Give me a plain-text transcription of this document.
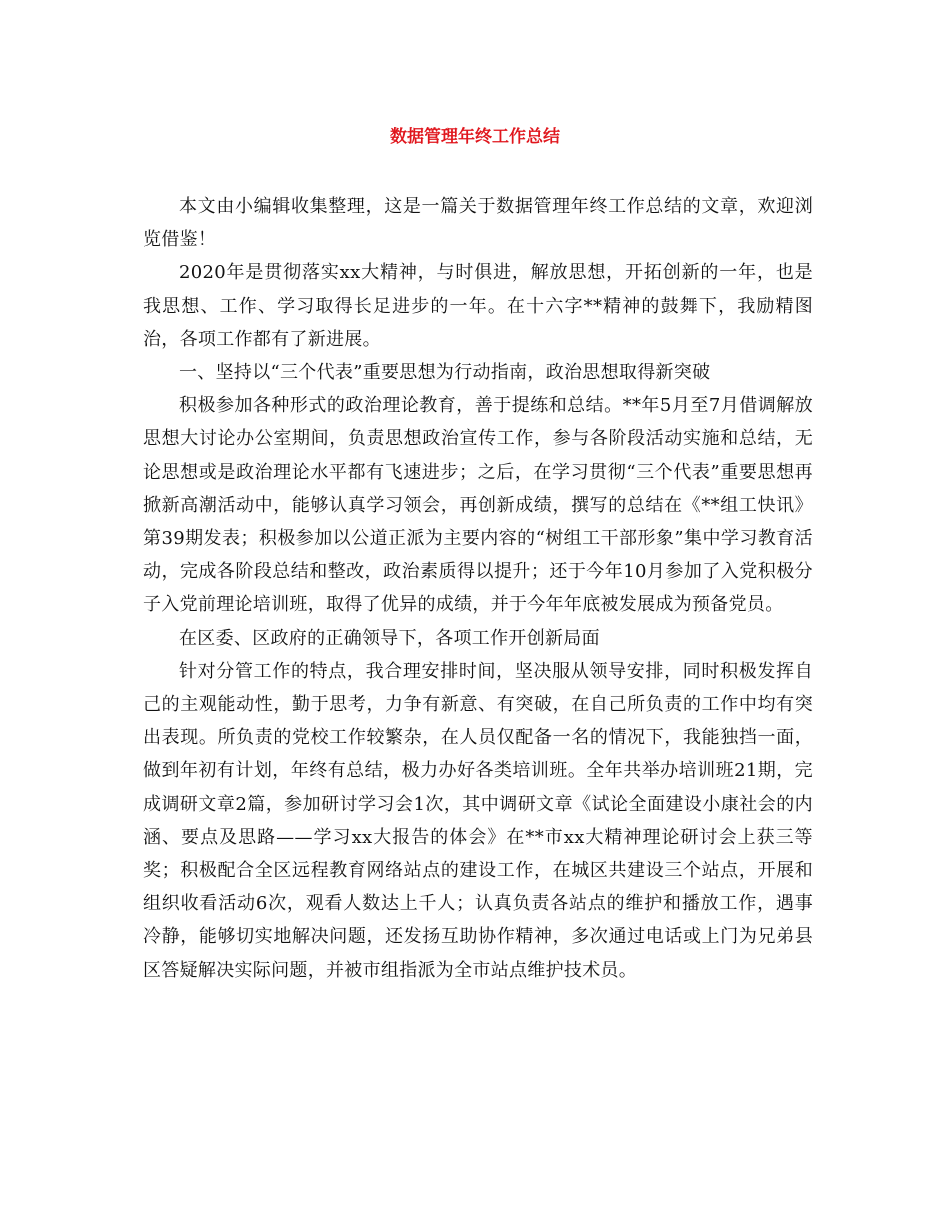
数据管理年终工作总结

本文由小编辑收集整理，这是一篇关于数据管理年终工作总结的文章，欢迎浏览借鉴！

2020年是贯彻落实xx大精神，与时俱进，解放思想，开拓创新的一年，也是我思想、工作、学习取得长足进步的一年。在十六字**精神的鼓舞下，我励精图治，各项工作都有了新进展。

一、坚持以“三个代表”重要思想为行动指南，政治思想取得新突破

积极参加各种形式的政治理论教育，善于提练和总结。**年5月至7月借调解放思想大讨论办公室期间，负责思想政治宣传工作，参与各阶段活动实施和总结，无论思想或是政治理论水平都有飞速进步；之后，在学习贯彻“三个代表”重要思想再掀新高潮活动中，能够认真学习领会，再创新成绩，撰写的总结在《**组工快讯》第39期发表；积极参加以公道正派为主要内容的“树组工干部形象”集中学习教育活动，完成各阶段总结和整改，政治素质得以提升；还于今年10月参加了入党积极分子入党前理论培训班，取得了优异的成绩，并于今年年底被发展成为预备党员。

在区委、区政府的正确领导下，各项工作开创新局面

针对分管工作的特点，我合理安排时间，坚决服从领导安排，同时积极发挥自己的主观能动性，勤于思考，力争有新意、有突破，在自己所负责的工作中均有突出表现。所负责的党校工作较繁杂，在人员仅配备一名的情况下，我能独挡一面，做到年初有计划，年终有总结，极力办好各类培训班。全年共举办培训班21期，完成调研文章2篇，参加研讨学习会1次，其中调研文章《试论全面建设小康社会的内涵、要点及思路——学习xx大报告的体会》在**市xx大精神理论研讨会上获三等奖；积极配合全区远程教育网络站点的建设工作，在城区共建设三个站点，开展和组织收看活动6次，观看人数达上千人；认真负责各站点的维护和播放工作，遇事冷静，能够切实地解决问题，还发扬互助协作精神，多次通过电话或上门为兄弟县区答疑解决实际问题，并被市组指派为全市站点维护技术员。
